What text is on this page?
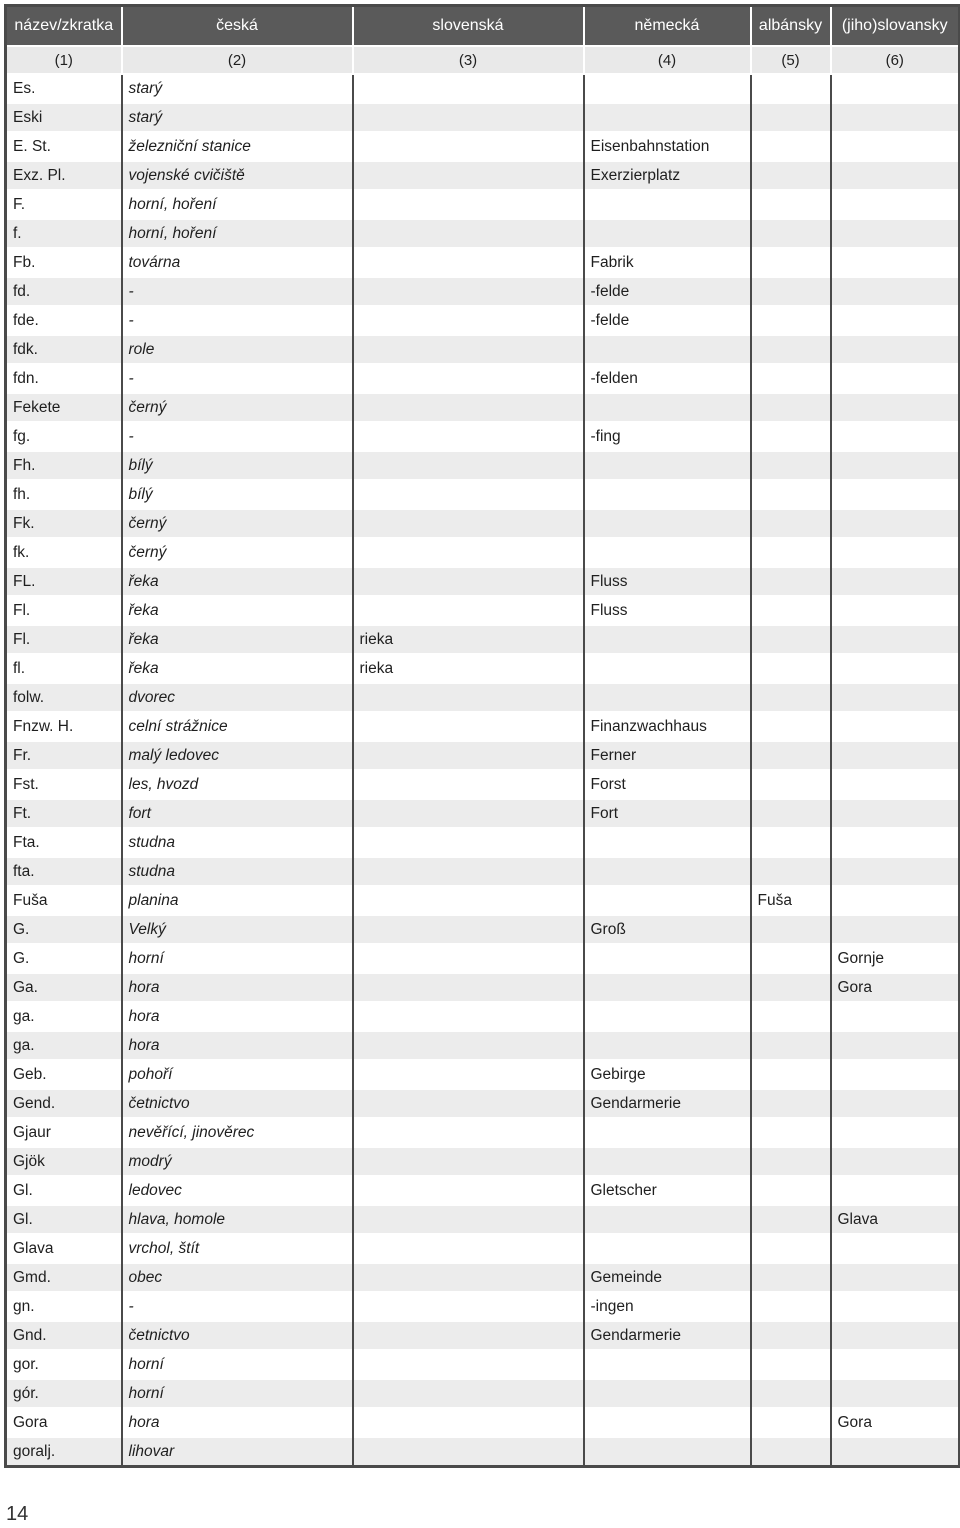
název/zkratka	česká	slovenská	německá	albánsky	(jiho)slovansky
(1)	(2)	(3)	(4)	(5)	(6)
Es.	starý				
Eski	starý				
E. St.	železniční stanice		Eisenbahnstation		
Exz. Pl.	vojenské cvičiště		Exerzierplatz		
F.	horní, hoření				
f.	horní, hoření				
Fb.	továrna		Fabrik		
fd.	-		-felde		
fde.	-		-felde		
fdk.	role				
fdn.	-		-felden		
Fekete	černý				
fg.	-		-fing		
Fh.	bílý				
fh.	bílý				
Fk.	černý				
fk.	černý				
FL.	řeka		Fluss		
Fl.	řeka		Fluss		
Fl.	řeka	rieka			
fl.	řeka	rieka			
folw.	dvorec				
Fnzw. H.	celní strážnice		Finanzwachhaus		
Fr.	malý ledovec		Ferner		
Fst.	les, hvozd		Forst		
Ft.	fort		Fort		
Fta.	studna				
fta.	studna				
Fuša	planina			Fuša	
G.	Velký		Groß		
G.	horní				Gornje
Ga.	hora				Gora
ga.	hora				
ga.	hora				
Geb.	pohoří		Gebirge		
Gend.	četnictvo		Gendarmerie		
Gjaur	nevěřící, jinověrec				
Gjök	modrý				
Gl.	ledovec		Gletscher		
Gl.	hlava, homole				Glava
Glava	vrchol, štít				
Gmd.	obec		Gemeinde		
gn.	-		-ingen		
Gnd.	četnictvo		Gendarmerie		
gor.	horní				
gór.	horní				
Gora	hora				Gora
goralj.	lihovar				
14
